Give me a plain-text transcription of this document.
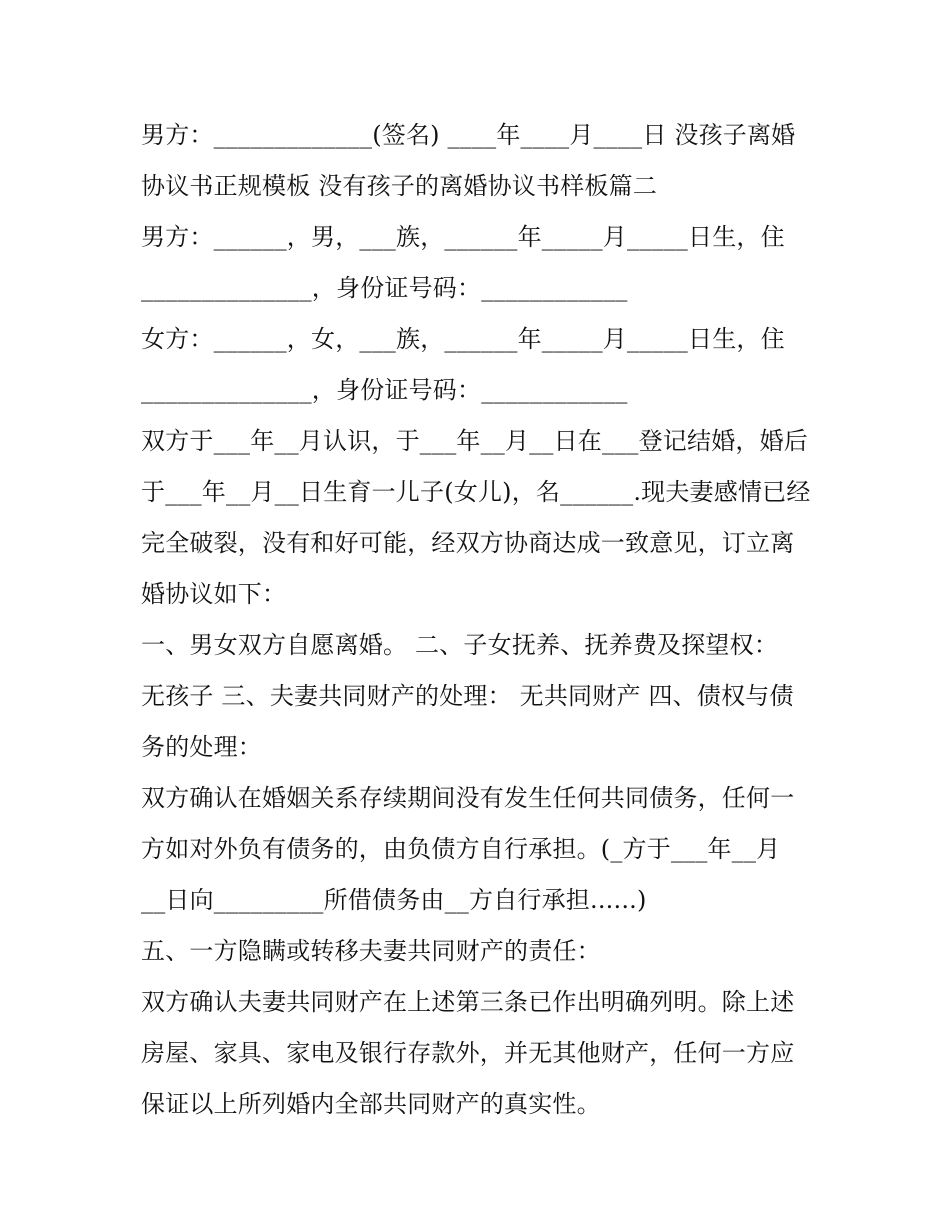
男方：_____________(签名) ____年____月____日 没孩子离婚
协议书正规模板 没有孩子的离婚协议书样板篇二
男方：______，男，___族，______年_____月_____日生，住
______________，身份证号码：____________
女方：______，女，___族，______年_____月_____日生，住
______________，身份证号码：____________
双方于___年__月认识，于___年__月__日在___登记结婚，婚后
于___年__月__日生育一儿子(女儿)，名______.现夫妻感情已经
完全破裂，没有和好可能，经双方协商达成一致意见，订立离
婚协议如下：
一、男女双方自愿离婚。 二、子女抚养、抚养费及探望权：
无孩子 三、夫妻共同财产的处理： 无共同财产 四、债权与债
务的处理：
双方确认在婚姻关系存续期间没有发生任何共同债务，任何一
方如对外负有债务的，由负债方自行承担。(_方于___年__月
__日向_________所借债务由__方自行承担......)
五、一方隐瞒或转移夫妻共同财产的责任：
双方确认夫妻共同财产在上述第三条已作出明确列明。除上述
房屋、家具、家电及银行存款外，并无其他财产，任何一方应
保证以上所列婚内全部共同财产的真实性。
